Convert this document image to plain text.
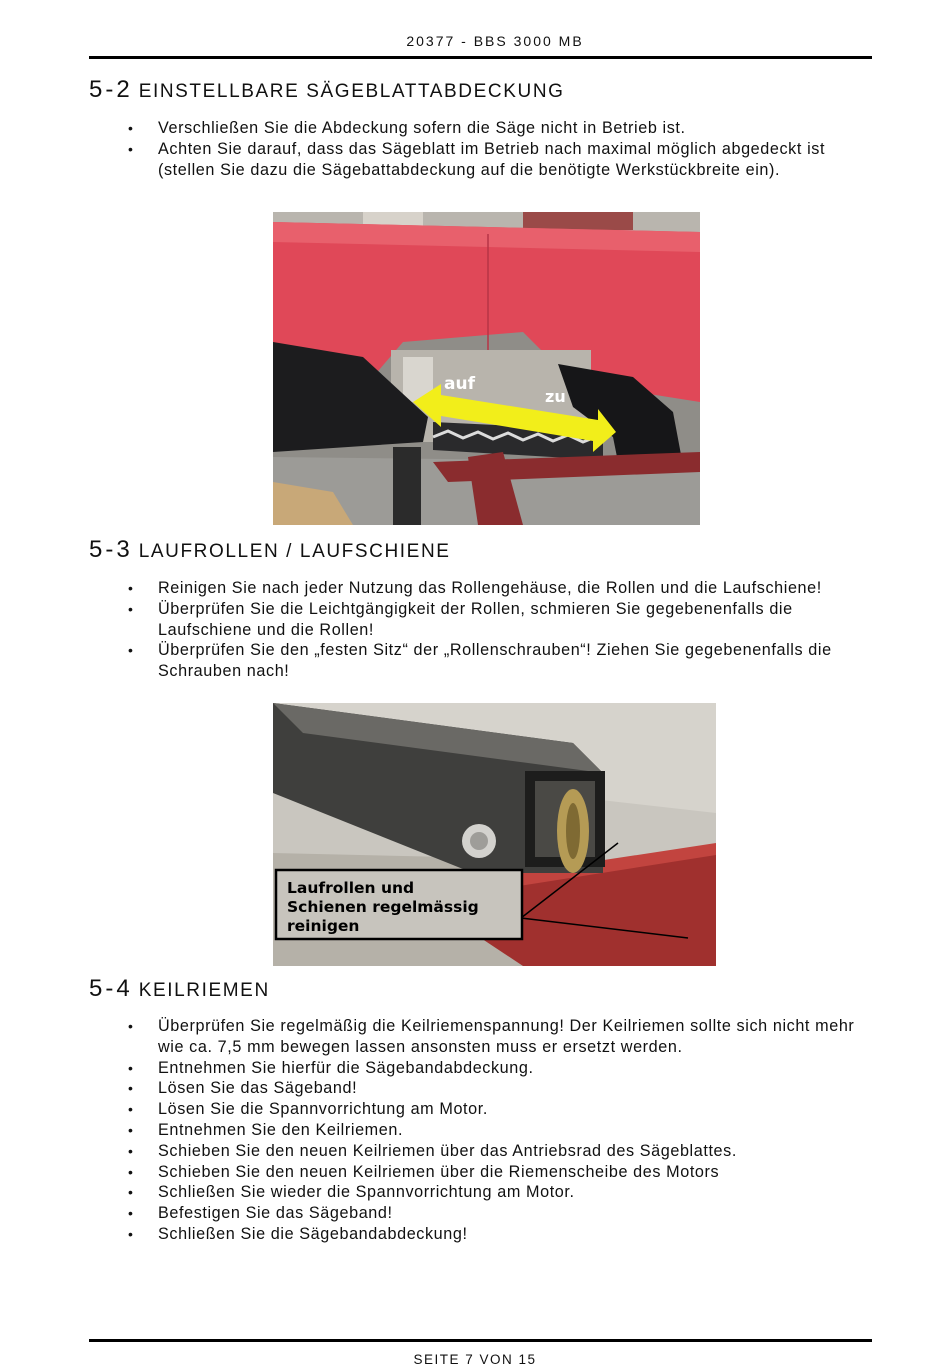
20377 - BBS 3000 MB
5-2 EINSTELLBARE SÄGEBLATTABDECKUNG
• Verschließen Sie die Abdeckung sofern die Säge nicht in Betrieb ist.
• Achten Sie darauf, dass das Sägeblatt im Betrieb nach maximal möglich abgedeckt ist (stellen Sie dazu die Sägebattabdeckung auf die benötigte Werkstückbreite ein).
auf
zu
5-3 LAUFROLLEN / LAUFSCHIENE
• Reinigen Sie nach jeder Nutzung das Rollengehäuse, die Rollen und die Laufschiene!
• Überprüfen Sie die Leichtgängigkeit der Rollen, schmieren Sie gegebenenfalls die Laufschiene und die Rollen!
• Überprüfen Sie den „festen Sitz“ der „Rollenschrauben“! Ziehen Sie gegebenenfalls die Schrauben nach!
Laufrollen und
Schienen regelmässig
reinigen
5-4 KEILRIEMEN
• Überprüfen Sie regelmäßig die Keilriemenspannung! Der Keilriemen sollte sich nicht mehr wie ca. 7,5 mm bewegen lassen ansonsten muss er ersetzt werden.
• Entnehmen Sie hierfür die Sägebandabdeckung.
• Lösen Sie das Sägeband!
• Lösen Sie die Spannvorrichtung am Motor.
• Entnehmen Sie den Keilriemen.
• Schieben Sie den neuen Keilriemen über das Antriebsrad des Sägeblattes.
• Schieben Sie den neuen Keilriemen über die Riemenscheibe des Motors
• Schließen Sie wieder die Spannvorrichtung am Motor.
• Befestigen Sie das Sägeband!
• Schließen Sie die Sägebandabdeckung!
SEITE 7 VON 15
